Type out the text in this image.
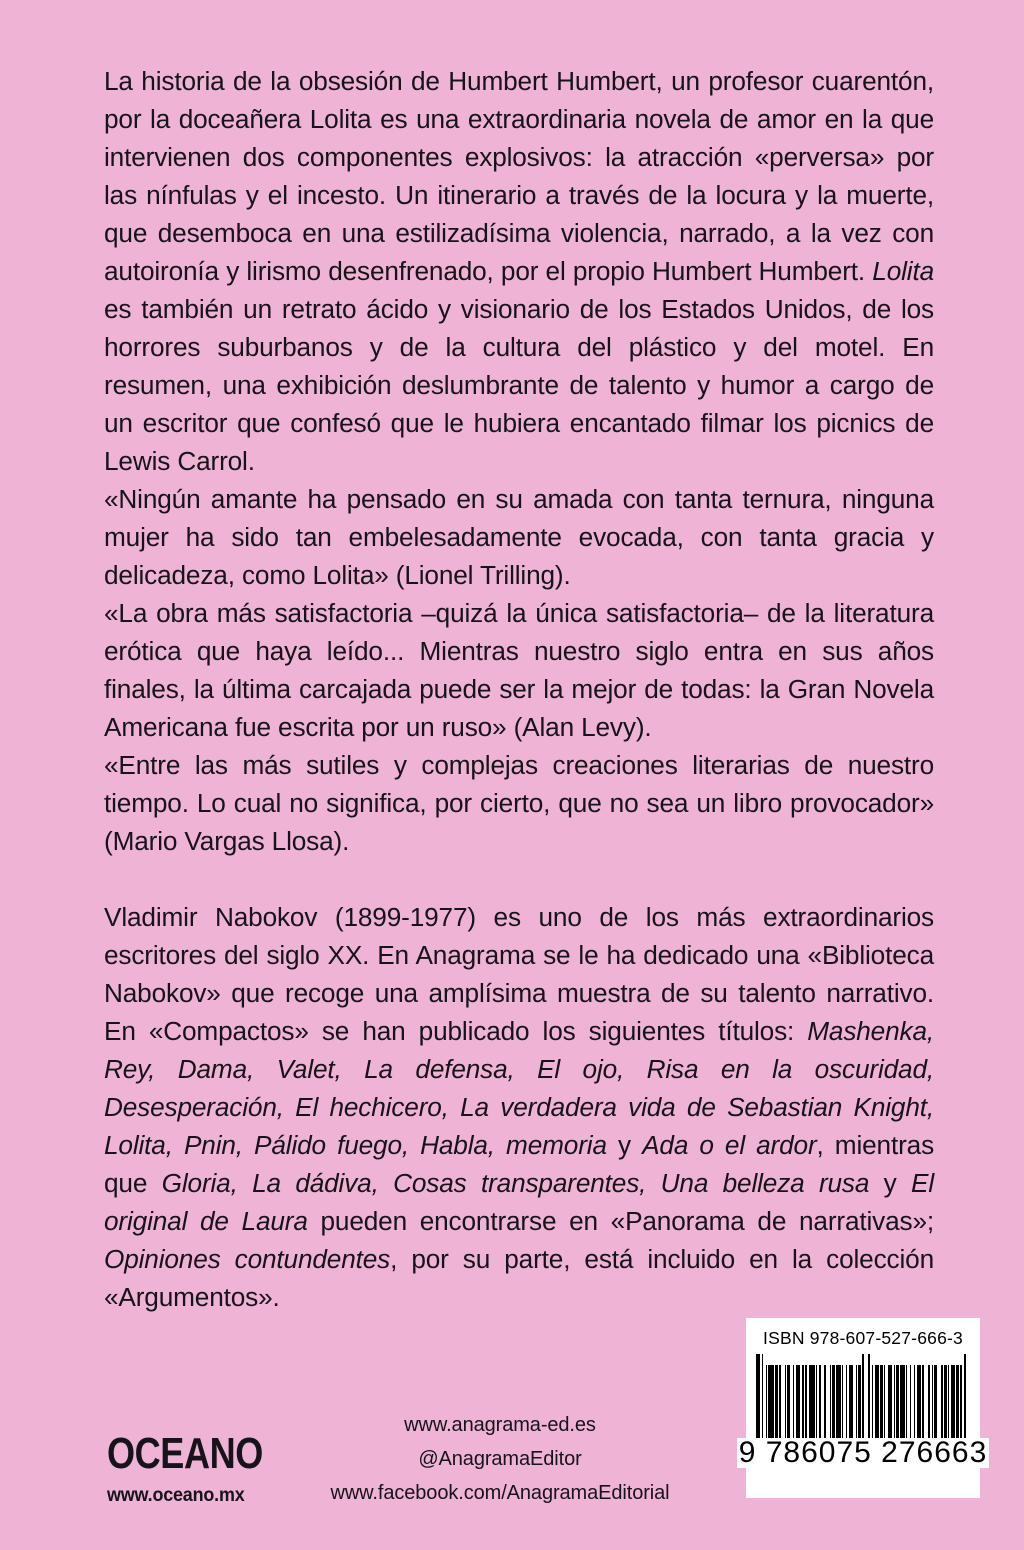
La historia de la obsesión de Humbert Humbert, un profesor cuarentón, por la doceañera Lolita es una extraordinaria novela de amor en la que intervienen dos componentes explosivos: la atracción «perversa» por las nínfulas y el incesto. Un itinerario a través de la locura y la muerte, que desemboca en una estilizadísima violencia, narrado, a la vez con autoironía y lirismo desenfrenado, por el propio Humbert Humbert. Lolita es también un retrato ácido y visionario de los Estados Unidos, de los horrores suburbanos y de la cultura del plástico y del motel. En resumen, una exhibición deslumbrante de talento y humor a cargo de un escritor que confesó que le hubiera encantado filmar los picnics de Lewis Carrol.

«Ningún amante ha pensado en su amada con tanta ternura, ninguna mujer ha sido tan embelesadamente evocada, con tanta gracia y delicadeza, como Lolita» (Lionel Trilling).

«La obra más satisfactoria –quizá la única satisfactoria– de la literatura erótica que haya leído... Mientras nuestro siglo entra en sus años finales, la última carcajada puede ser la mejor de todas: la Gran Novela Americana fue escrita por un ruso» (Alan Levy).

«Entre las más sutiles y complejas creaciones literarias de nuestro tiempo. Lo cual no significa, por cierto, que no sea un libro provocador» (Mario Vargas Llosa).

Vladimir Nabokov (1899-1977) es uno de los más extraordinarios escritores del siglo XX. En Anagrama se le ha dedicado una «Biblioteca Nabokov» que recoge una amplísima muestra de su talento narrativo. En «Compactos» se han publicado los siguientes títulos: Mashenka, Rey, Dama, Valet, La defensa, El ojo, Risa en la oscuridad, Desesperación, El hechicero, La verdadera vida de Sebastian Knight, Lolita, Pnin, Pálido fuego, Habla, memoria y Ada o el ardor, mientras que Gloria, La dádiva, Cosas transparentes, Una belleza rusa y El original de Laura pueden encontrarse en «Panorama de narrativas»; Opiniones contundentes, por su parte, está incluido en la colección «Argumentos».

OCEANO
www.oceano.mx
www.anagrama-ed.es
@AnagramaEditor
www.facebook.com/AnagramaEditorial
ISBN 978-607-527-666-3
9 786075 276663
